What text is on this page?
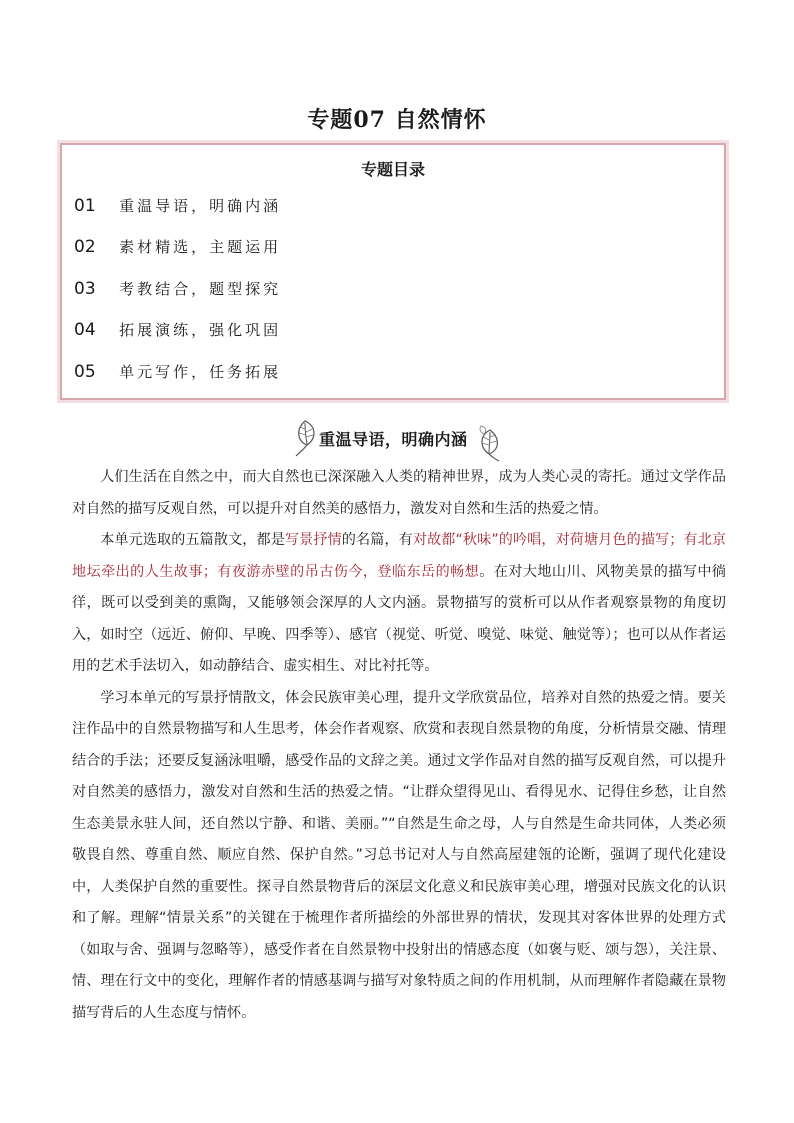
专题07 自然情怀
专题目录
01 重温导语，明确内涵
02 素材精选，主题运用
03 考教结合，题型探究
04 拓展演练，强化巩固
05 单元写作，任务拓展
重温导语，明确内涵

人们生活在自然之中，而大自然也已深深融入人类的精神世界，成为人类心灵的寄托。通过文学作品对自然的描写反观自然，可以提升对自然美的感悟力，激发对自然和生活的热爱之情。

本单元选取的五篇散文，都是写景抒情的名篇，有对故都“秋味”的吟唱，对荷塘月色的描写；有北京地坛牵出的人生故事；有夜游赤壁的吊古伤今，登临东岳的畅想。在对大地山川、风物美景的描写中徜徉，既可以受到美的熏陶，又能够领会深厚的人文内涵。景物描写的赏析可以从作者观察景物的角度切入，如时空（远近、俯仰、早晚、四季等）、感官（视觉、听觉、嗅觉、味觉、触觉等）；也可以从作者运用的艺术手法切入，如动静结合、虚实相生、对比衬托等。

学习本单元的写景抒情散文，体会民族审美心理，提升文学欣赏品位，培养对自然的热爱之情。要关注作品中的自然景物描写和人生思考，体会作者观察、欣赏和表现自然景物的角度，分析情景交融、情理结合的手法；还要反复涵泳咀嚼，感受作品的文辞之美。通过文学作品对自然的描写反观自然，可以提升对自然美的感悟力，激发对自然和生活的热爱之情。“让群众望得见山、看得见水、记得住乡愁，让自然生态美景永驻人间，还自然以宁静、和谐、美丽。”“自然是生命之母，人与自然是生命共同体，人类必须敬畏自然、尊重自然、顺应自然、保护自然。”习总书记对人与自然高屋建瓴的论断，强调了现代化建设中，人类保护自然的重要性。探寻自然景物背后的深层文化意义和民族审美心理，增强对民族文化的认识和了解。理解“情景关系”的关键在于梳理作者所描绘的外部世界的情状，发现其对客体世界的处理方式（如取与舍、强调与忽略等），感受作者在自然景物中投射出的情感态度（如褒与贬、颂与怨），关注景、情、理在行文中的变化，理解作者的情感基调与描写对象特质之间的作用机制，从而理解作者隐藏在景物描写背后的人生态度与情怀。
